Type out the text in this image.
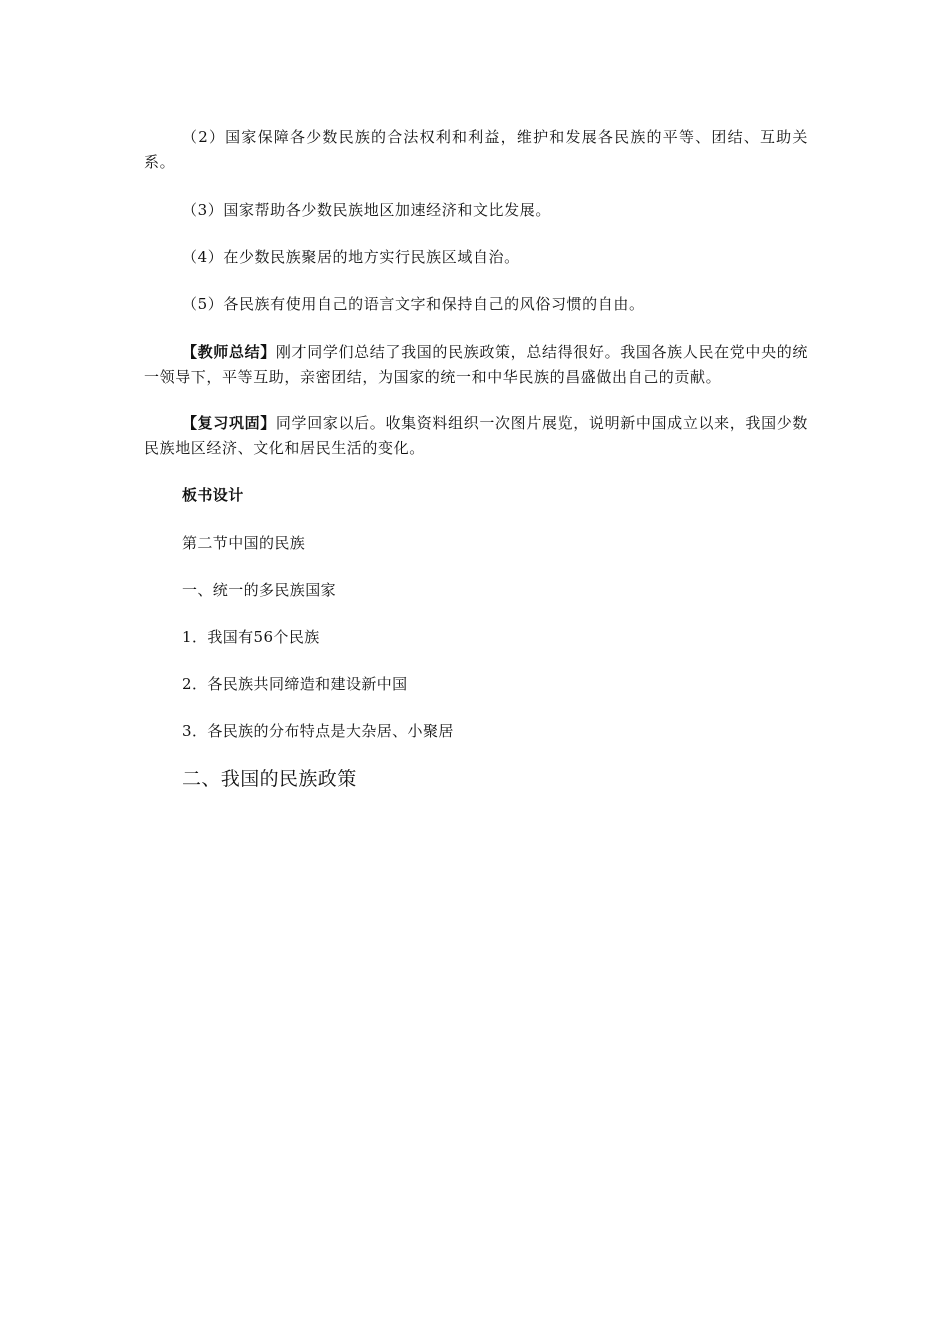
（2）国家保障各少数民族的合法权利和利益，维护和发展各民族的平等、团结、互助关系。

（3）国家帮助各少数民族地区加速经济和文比发展。

（4）在少数民族聚居的地方实行民族区域自治。

（5）各民族有使用自己的语言文字和保持自己的风俗习惯的自由。

【教师总结】刚才同学们总结了我国的民族政策，总结得很好。我国各族人民在党中央的统一领导下，平等互助，亲密团结，为国家的统一和中华民族的昌盛做出自己的贡献。

【复习巩固】同学回家以后。收集资料组织一次图片展览，说明新中国成立以来，我国少数民族地区经济、文化和居民生活的变化。

板书设计

第二节中国的民族

一、统一的多民族国家

1．我国有56个民族

2．各民族共同缔造和建设新中国

3．各民族的分布特点是大杂居、小聚居

二、我国的民族政策
